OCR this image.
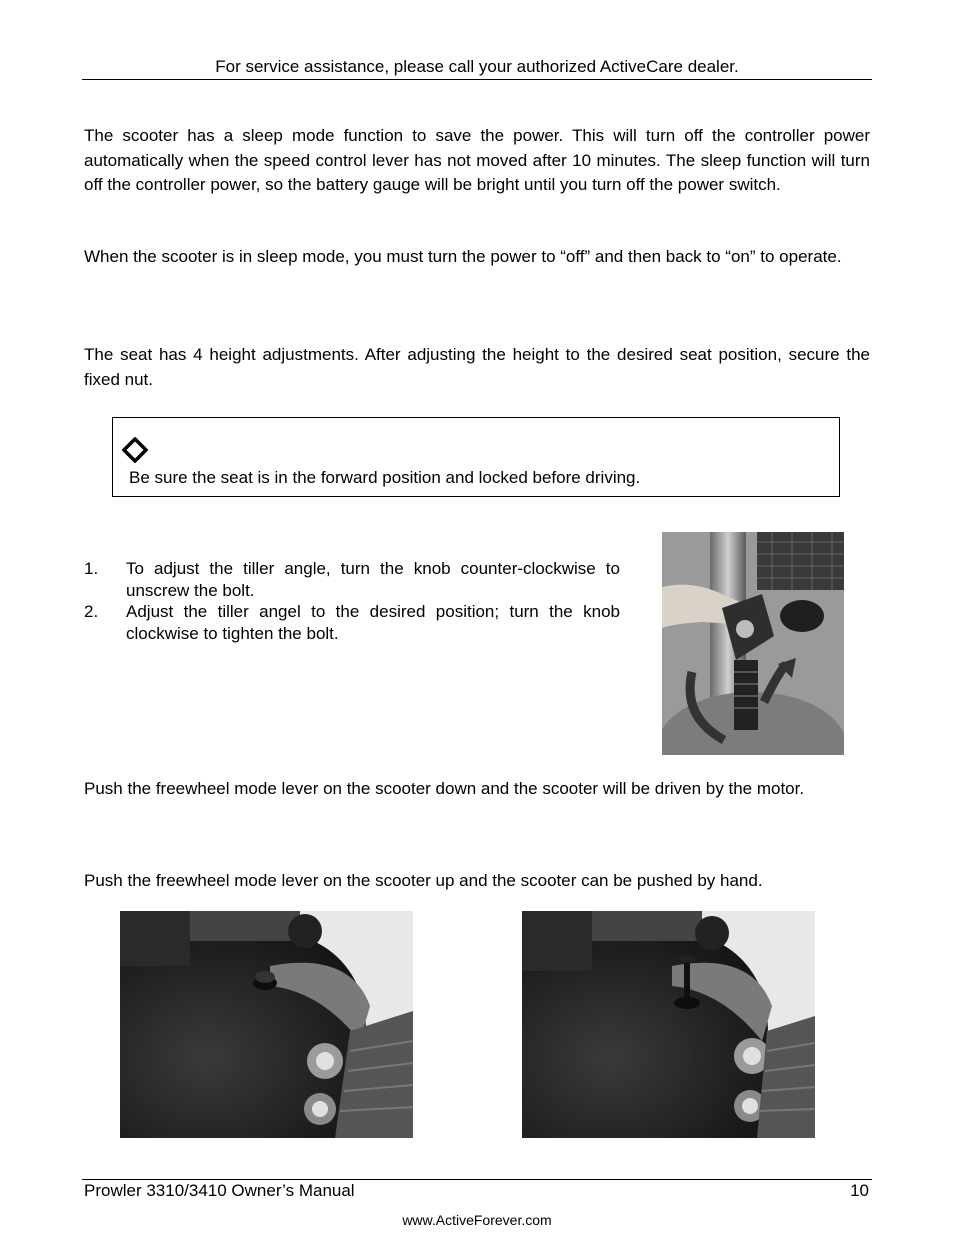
For service assistance, please call your authorized ActiveCare dealer.

The scooter has a sleep mode function to save the power. This will turn off the controller power automatically when the speed control lever has not moved after 10 minutes. The sleep function will turn off the controller power, so the battery gauge will be bright until you turn off the power switch.

When the scooter is in sleep mode, you must turn the power to “off” and then back to “on” to operate.

The seat has 4 height adjustments. After adjusting the height to the desired seat position, secure the fixed nut.

Be sure the seat is in the forward position and locked before driving.
1. To adjust the tiller angle, turn the knob counter-clockwise to unscrew the bolt.
2. Adjust the tiller angel to the desired position; turn the knob clockwise to tighten the bolt.

Push the freewheel mode lever on the scooter down and the scooter will be driven by the motor.

Push the freewheel mode lever on the scooter up and the scooter can be pushed by hand.

Prowler 3310/3410 Owner’s Manual	10
www.ActiveForever.com
